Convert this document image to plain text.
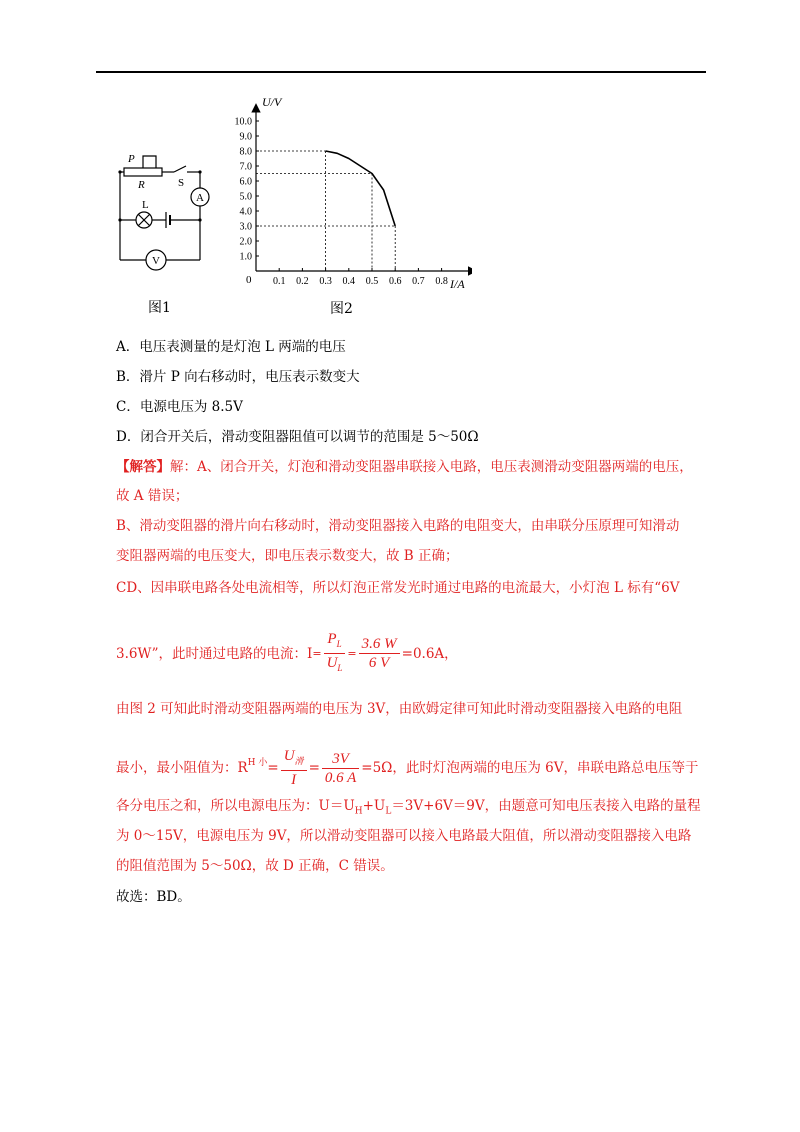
P
R	S
L
A
V
图1
0.1 0.2 0.3 0.4 0.5 0.6 0.7 0.8
1.0
2.0
3.0
4.0
5.0
6.0
7.0
8.0
9.0
10.0
U/V
I/A
0
图2
A．电压表测量的是灯泡 L 两端的电压
B．滑片 P 向右移动时，电压表示数变大
C．电源电压为 8.5V
D．闭合开关后，滑动变阻器阻值可以调节的范围是 5～50Ω
【解答】解：A、闭合开关，灯泡和滑动变阻器串联接入电路，电压表测滑动变阻器两端的电压，
故 A 错误；
B、滑动变阻器的滑片向右移动时，滑动变阻器接入电路的电阻变大，由串联分压原理可知滑动
变阻器两端的电压变大，即电压表示数变大，故 B 正确；
CD、因串联电路各处电流相等，所以灯泡正常发光时通过电路的电流最大，小灯泡 L 标有“6V
3.6W”，此时通过电路的电流：$I = \frac{P_L}{U_L} = \frac{3.6 W}{6 V} =0.6A$，
由图 2 可知此时滑动变阻器两端的电压为 3V，由欧姆定律可知此时滑动变阻器接入电路的电阻
最小，最小阻值为：$R^{H 小} = \frac{U_滑}{I} = \frac{3V}{0.6 A} =5\Omega$，此时灯泡两端的电压为 6V，串联电路总电压等于
各分电压之和，所以电源电压为：$U=U_H+U_L=3V+6V=9V$，由题意可知电压表接入电路的量程
为 0～15V，电源电压为 9V，所以滑动变阻器可以接入电路最大阻值，所以滑动变阻器接入电路
的阻值范围为 5～50Ω，故 D 正确，C 错误。
故选：BD。
